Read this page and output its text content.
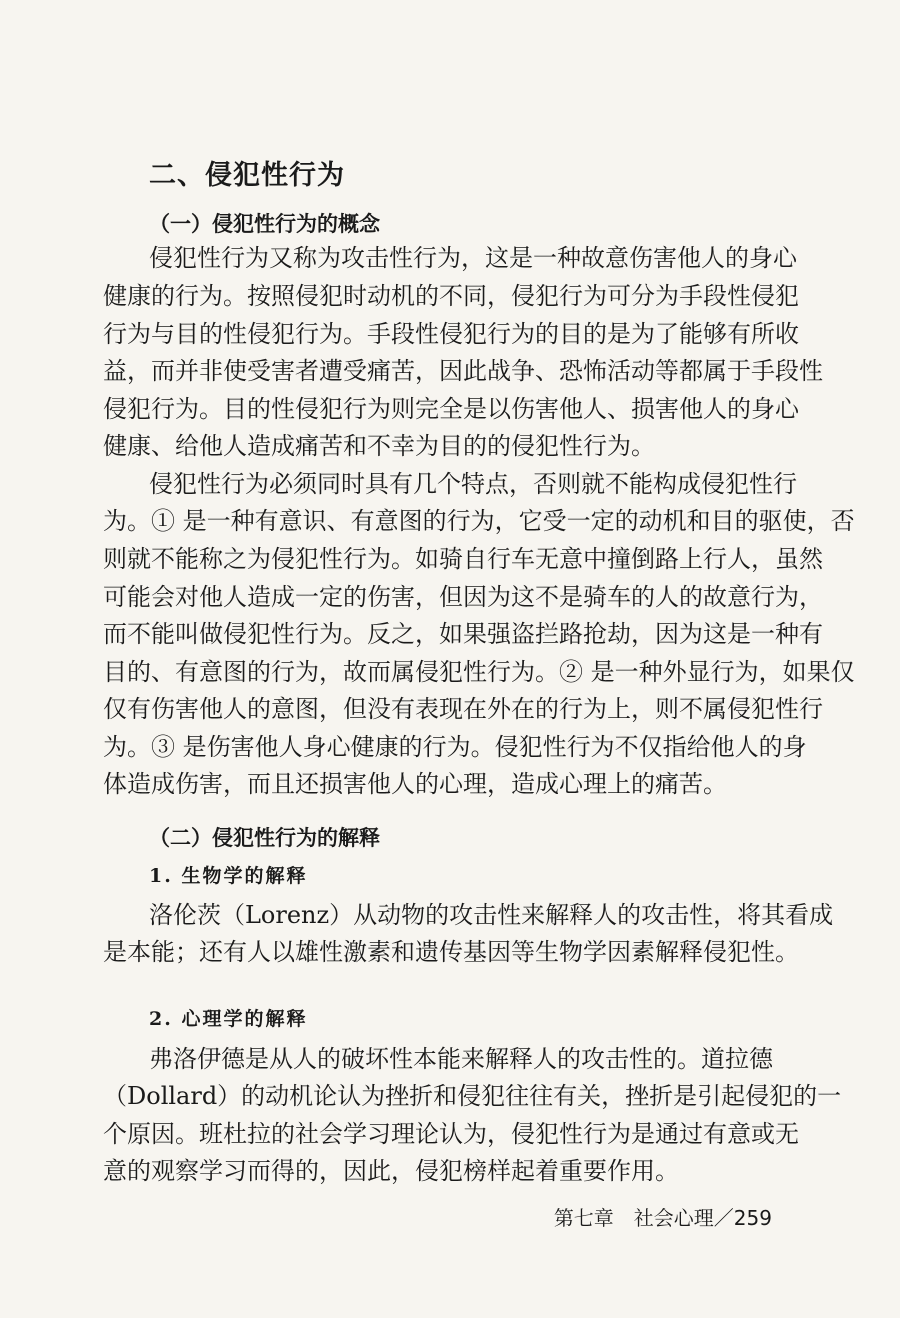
二、侵犯性行为
（一）侵犯性行为的概念

侵犯性行为又称为攻击性行为，这是一种故意伤害他人的身心

健康的行为。按照侵犯时动机的不同，侵犯行为可分为手段性侵犯

行为与目的性侵犯行为。手段性侵犯行为的目的是为了能够有所收

益，而并非使受害者遭受痛苦，因此战争、恐怖活动等都属于手段性

侵犯行为。目的性侵犯行为则完全是以伤害他人、损害他人的身心

健康、给他人造成痛苦和不幸为目的的侵犯性行为。

侵犯性行为必须同时具有几个特点，否则就不能构成侵犯性行

为。① 是一种有意识、有意图的行为，它受一定的动机和目的驱使，否

则就不能称之为侵犯性行为。如骑自行车无意中撞倒路上行人，虽然

可能会对他人造成一定的伤害，但因为这不是骑车的人的故意行为，

而不能叫做侵犯性行为。反之，如果强盗拦路抢劫，因为这是一种有

目的、有意图的行为，故而属侵犯性行为。② 是一种外显行为，如果仅

仅有伤害他人的意图，但没有表现在外在的行为上，则不属侵犯性行

为。③ 是伤害他人身心健康的行为。侵犯性行为不仅指给他人的身

体造成伤害，而且还损害他人的心理，造成心理上的痛苦。

（二）侵犯性行为的解释
1. 生物学的解释

洛伦茨（Lorenz）从动物的攻击性来解释人的攻击性，将其看成

是本能；还有人以雄性激素和遗传基因等生物学因素解释侵犯性。

2. 心理学的解释

弗洛伊德是从人的破坏性本能来解释人的攻击性的。道拉德

（Dollard）的动机论认为挫折和侵犯往往有关，挫折是引起侵犯的一

个原因。班杜拉的社会学习理论认为，侵犯性行为是通过有意或无

意的观察学习而得的，因此，侵犯榜样起着重要作用。

第七章　社会心理／259
